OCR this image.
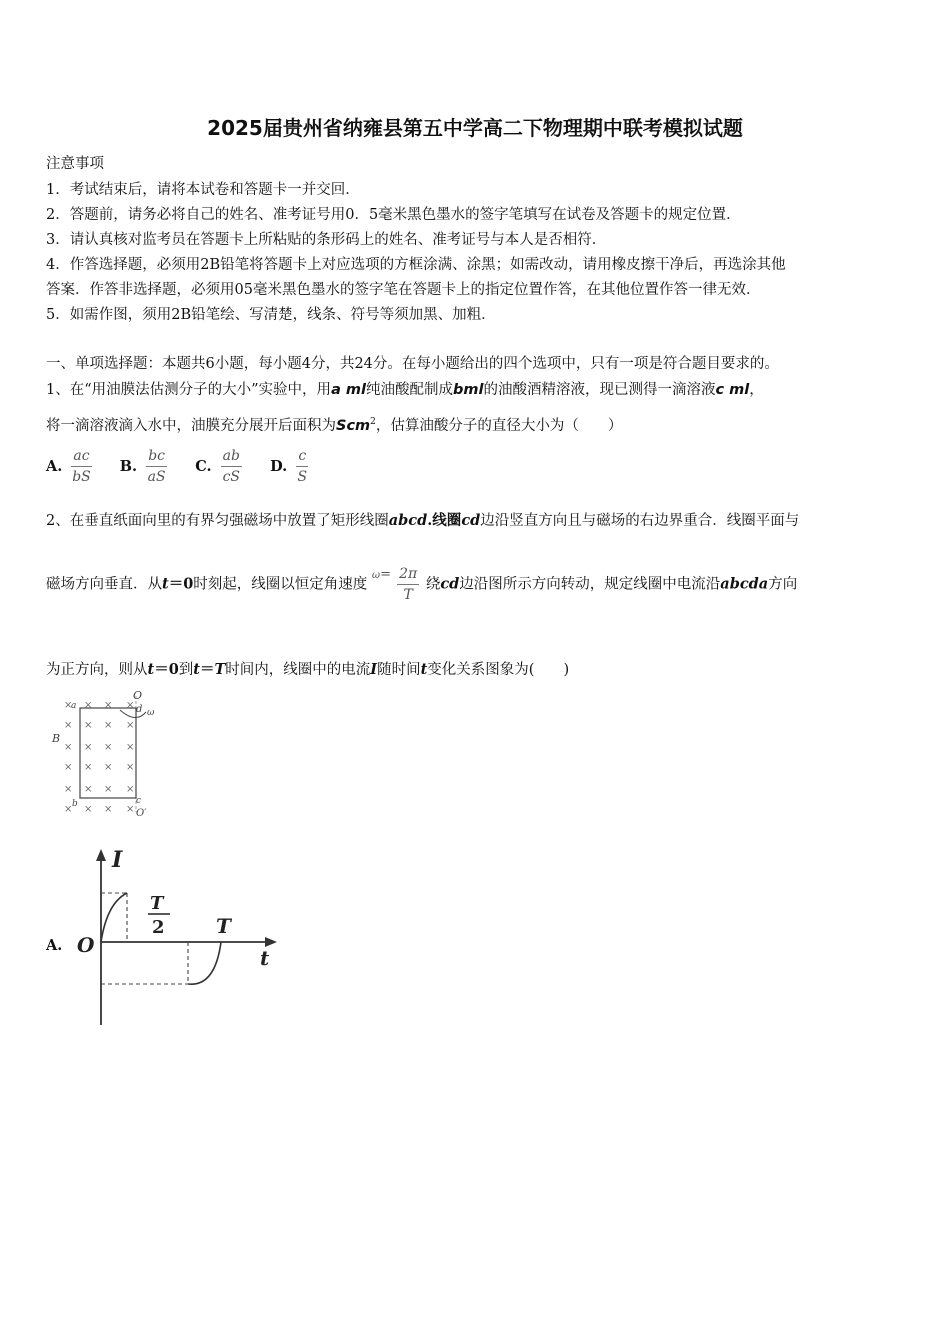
2025届贵州省纳雍县第五中学高二下物理期中联考模拟试题
注意事项
1．考试结束后，请将本试卷和答题卡一并交回．
2．答题前，请务必将自己的姓名、准考证号用0．5毫米黑色墨水的签字笔填写在试卷及答题卡的规定位置．
3．请认真核对监考员在答题卡上所粘贴的条形码上的姓名、准考证号与本人是否相符．
4．作答选择题，必须用2B铅笔将答题卡上对应选项的方框涂满、涂黑；如需改动，请用橡皮擦干净后，再选涂其他
答案．作答非选择题，必须用05毫米黑色墨水的签字笔在答题卡上的指定位置作答，在其他位置作答一律无效．
5．如需作图，须用2B铅笔绘、写清楚，线条、符号等须加黑、加粗．
一、单项选择题：本题共6小题，每小题4分，共24分。在每小题给出的四个选项中，只有一项是符合题目要求的。
1、在“用油膜法估测分子的大小”实验中，用a ml纯油酸配制成bml的油酸酒精溶液，现已测得一滴溶液c ml，
将一滴溶液滴入水中，油膜充分展开后面积为Scm$^2$，估算油酸分子的直径大小为（　　）
A. $\frac{ac}{bS} B$. $\frac{bc}{aS} C$. $\frac{ab}{cS} D$. $\frac{c}{S}$
2、在垂直纸面向里的有界匀强磁场中放置了矩形线圈abcd.线圈cd边沿竖直方向且与磁场的右边界重合．线圈平面与
磁场方向垂直．从t＝0时刻起，线圈以恒定角速度 $^\omega= \frac{2\pi}{T}$ 绕cd边沿图所示方向转动，规定线圈中电流沿abcda方向
为正方向，则从t＝0到t＝T时间内，线圈中的电流I随时间t变化关系图象为(　　)
O
a	d ω
B
b	c
O′
× × × ×
× × × ×
× × × ×
× × × ×
× × × ×
× × × ×
A.
I
O
T
2	T
t
